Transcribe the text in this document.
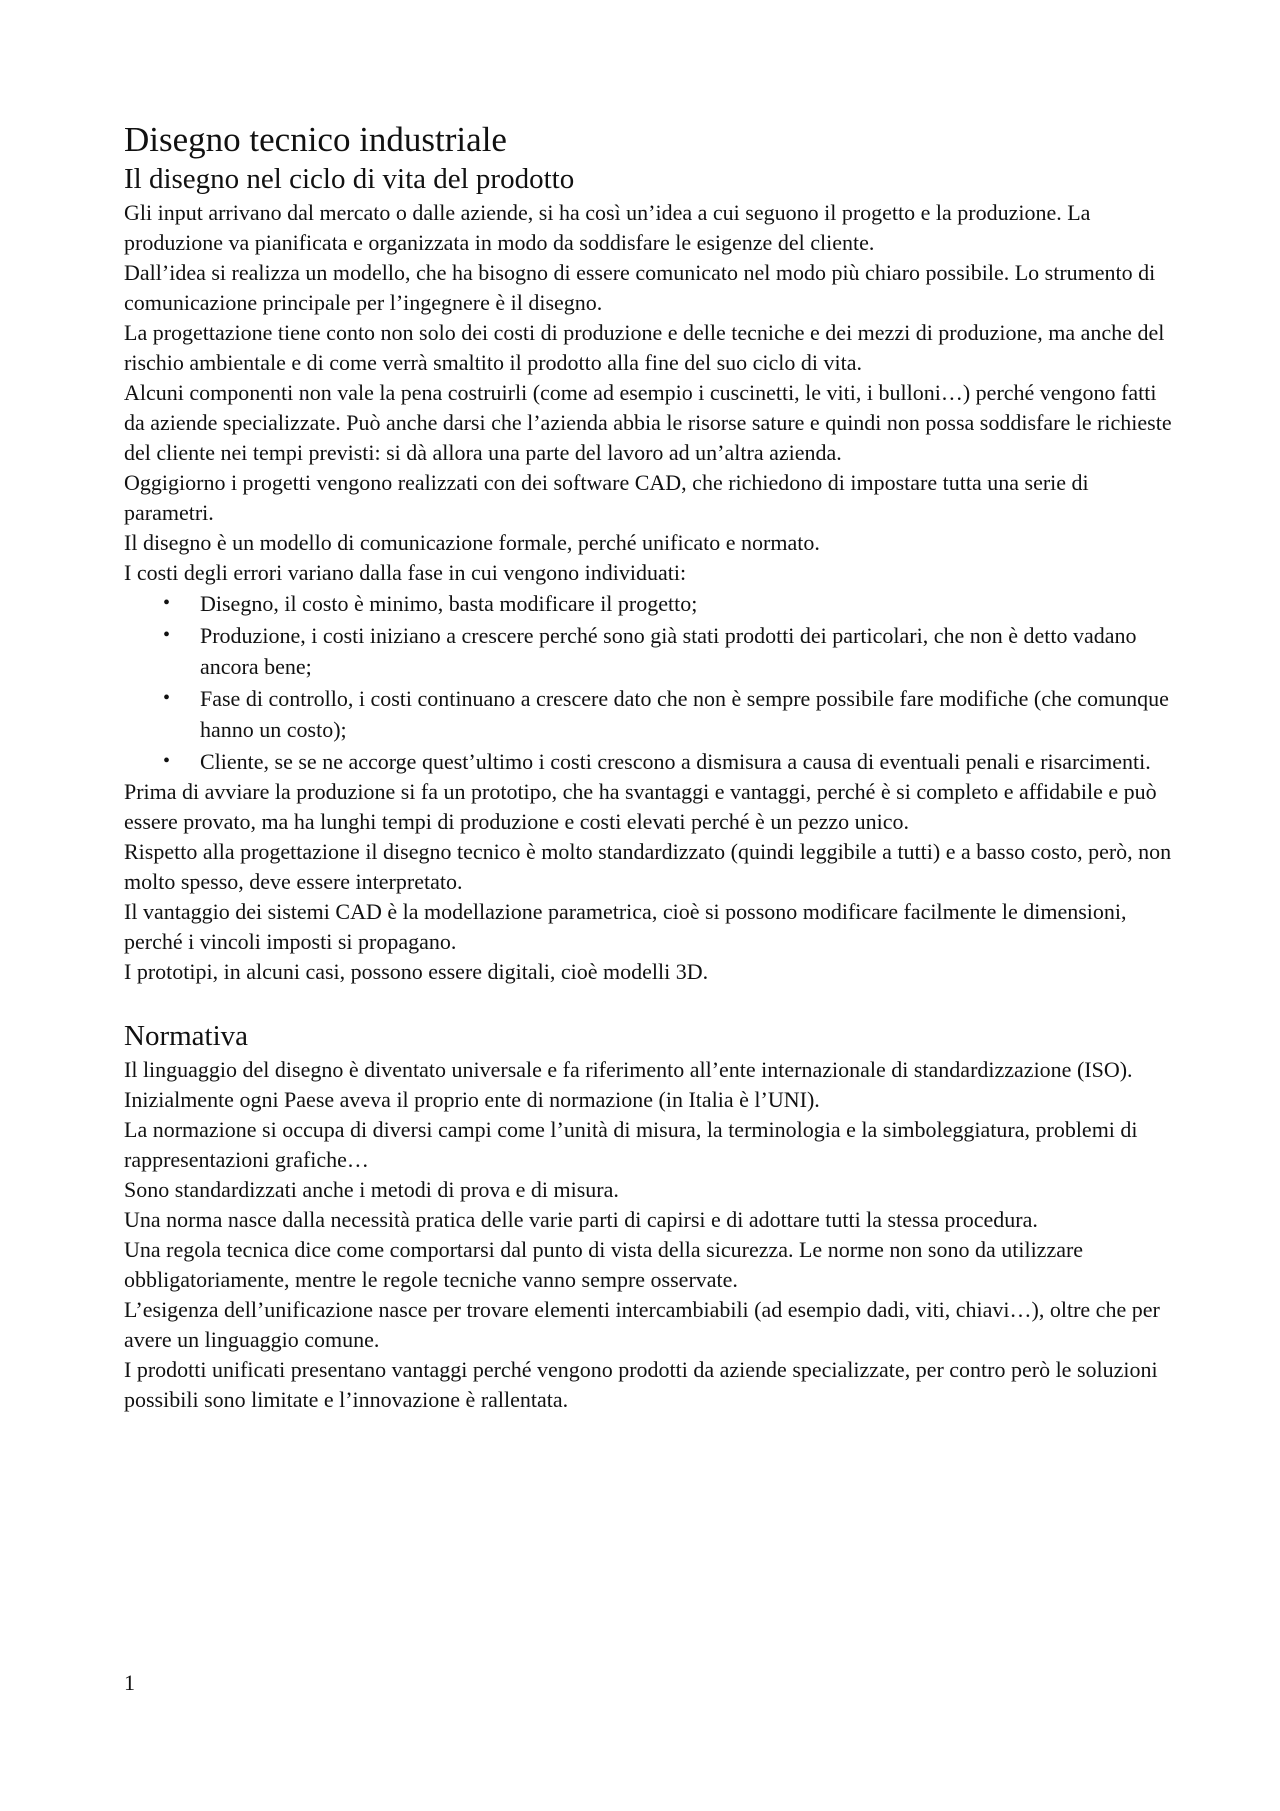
Disegno tecnico industriale
Il disegno nel ciclo di vita del prodotto

Gli input arrivano dal mercato o dalle aziende, si ha così un’idea a cui seguono il progetto e la produzione. La produzione va pianificata e organizzata in modo da soddisfare le esigenze del cliente.

Dall’idea si realizza un modello, che ha bisogno di essere comunicato nel modo più chiaro possibile. Lo strumento di comunicazione principale per l’ingegnere è il disegno.

La progettazione tiene conto non solo dei costi di produzione e delle tecniche e dei mezzi di produzione, ma anche del rischio ambientale e di come verrà smaltito il prodotto alla fine del suo ciclo di vita.

Alcuni componenti non vale la pena costruirli (come ad esempio i cuscinetti, le viti, i bulloni…) perché vengono fatti da aziende specializzate. Può anche darsi che l’azienda abbia le risorse sature e quindi non possa soddisfare le richieste del cliente nei tempi previsti: si dà allora una parte del lavoro ad un’altra azienda.

Oggigiorno i progetti vengono realizzati con dei software CAD, che richiedono di impostare tutta una serie di parametri.

Il disegno è un modello di comunicazione formale, perché unificato e normato.

I costi degli errori variano dalla fase in cui vengono individuati:

• Disegno, il costo è minimo, basta modificare il progetto;
• Produzione, i costi iniziano a crescere perché sono già stati prodotti dei particolari, che non è detto vadano ancora bene;
• Fase di controllo, i costi continuano a crescere dato che non è sempre possibile fare modifiche (che comunque hanno un costo);
• Cliente, se se ne accorge quest’ultimo i costi crescono a dismisura a causa di eventuali penali e risarcimenti.

Prima di avviare la produzione si fa un prototipo, che ha svantaggi e vantaggi, perché è si completo e affidabile e può essere provato, ma ha lunghi tempi di produzione e costi elevati perché è un pezzo unico.

Rispetto alla progettazione il disegno tecnico è molto standardizzato (quindi leggibile a tutti) e a basso costo, però, non molto spesso, deve essere interpretato.

Il vantaggio dei sistemi CAD è la modellazione parametrica, cioè si possono modificare facilmente le dimensioni, perché i vincoli imposti si propagano.

I prototipi, in alcuni casi, possono essere digitali, cioè modelli 3D.

Normativa

Il linguaggio del disegno è diventato universale e fa riferimento all’ente internazionale di standardizzazione (ISO).

Inizialmente ogni Paese aveva il proprio ente di normazione (in Italia è l’UNI).

La normazione si occupa di diversi campi come l’unità di misura, la terminologia e la simboleggiatura, problemi di rappresentazioni grafiche…

Sono standardizzati anche i metodi di prova e di misura.

Una norma nasce dalla necessità pratica delle varie parti di capirsi e di adottare tutti la stessa procedura.

Una regola tecnica dice come comportarsi dal punto di vista della sicurezza. Le norme non sono da utilizzare obbligatoriamente, mentre le regole tecniche vanno sempre osservate.

L’esigenza dell’unificazione nasce per trovare elementi intercambiabili (ad esempio dadi, viti, chiavi…), oltre che per avere un linguaggio comune.

I prodotti unificati presentano vantaggi perché vengono prodotti da aziende specializzate, per contro però le soluzioni possibili sono limitate e l’innovazione è rallentata.

1
